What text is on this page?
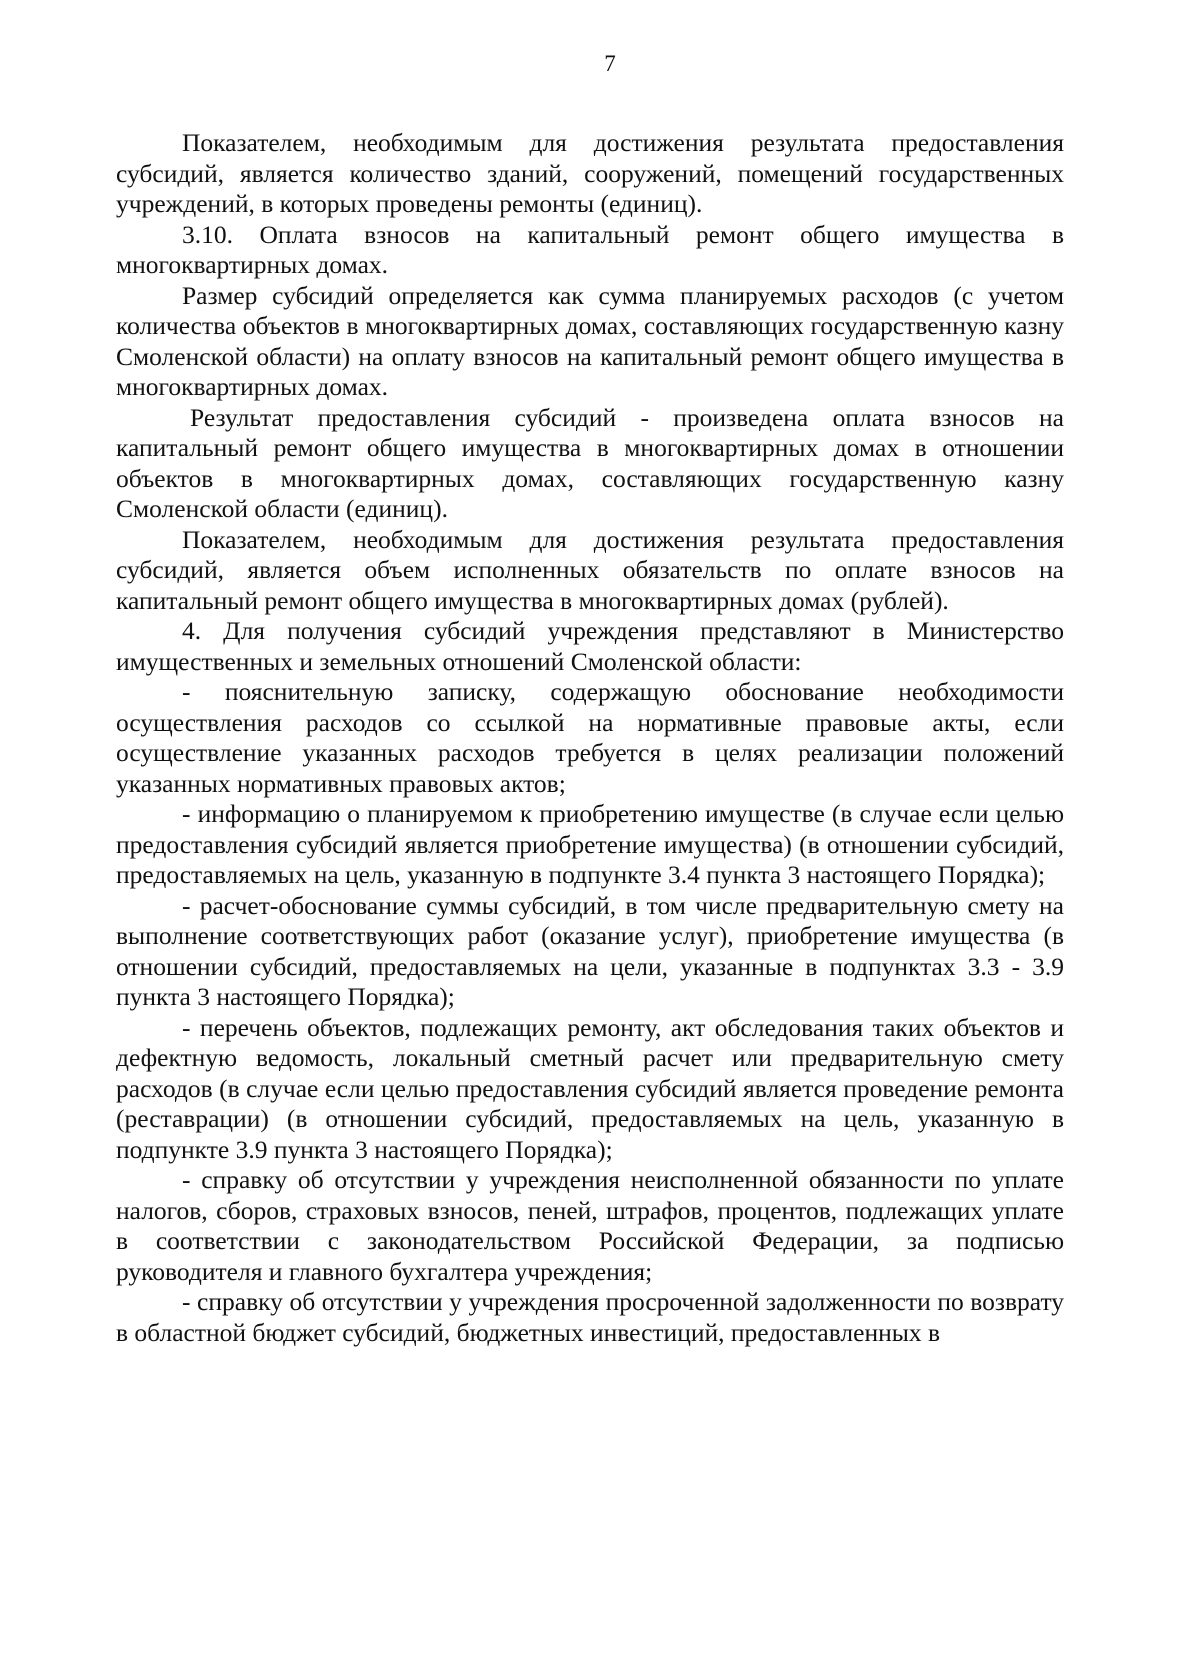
7

Показателем, необходимым для достижения результата предоставления субсидий, является количество зданий, сооружений, помещений государственных учреждений, в которых проведены ремонты (единиц).

3.10. Оплата взносов на капитальный ремонт общего имущества в многоквартирных домах.

Размер субсидий определяется как сумма планируемых расходов (с учетом количества объектов в многоквартирных домах, составляющих государственную казну Смоленской области) на оплату взносов на капитальный ремонт общего имущества в многоквартирных домах.

Результат предоставления субсидий - произведена оплата взносов на капитальный ремонт общего имущества в многоквартирных домах в отношении объектов в многоквартирных домах, составляющих государственную казну Смоленской области (единиц).

Показателем, необходимым для достижения результата предоставления субсидий, является объем исполненных обязательств по оплате взносов на капитальный ремонт общего имущества в многоквартирных домах (рублей).

4. Для получения субсидий учреждения представляют в Министерство имущественных и земельных отношений Смоленской области:

- пояснительную записку, содержащую обоснование необходимости осуществления расходов со ссылкой на нормативные правовые акты, если осуществление указанных расходов требуется в целях реализации положений указанных нормативных правовых актов;

- информацию о планируемом к приобретению имуществе (в случае если целью предоставления субсидий является приобретение имущества) (в отношении субсидий, предоставляемых на цель, указанную в подпункте 3.4 пункта 3 настоящего Порядка);

- расчет-обоснование суммы субсидий, в том числе предварительную смету на выполнение соответствующих работ (оказание услуг), приобретение имущества (в отношении субсидий, предоставляемых на цели, указанные в подпунктах 3.3 - 3.9 пункта 3 настоящего Порядка);

- перечень объектов, подлежащих ремонту, акт обследования таких объектов и дефектную ведомость, локальный сметный расчет или предварительную смету расходов (в случае если целью предоставления субсидий является проведение ремонта (реставрации) (в отношении субсидий, предоставляемых на цель, указанную в подпункте 3.9 пункта 3 настоящего Порядка);

- справку об отсутствии у учреждения неисполненной обязанности по уплате налогов, сборов, страховых взносов, пеней, штрафов, процентов, подлежащих уплате в соответствии с законодательством Российской Федерации, за подписью руководителя и главного бухгалтера учреждения;

- справку об отсутствии у учреждения просроченной задолженности по возврату в областной бюджет субсидий, бюджетных инвестиций, предоставленных в
